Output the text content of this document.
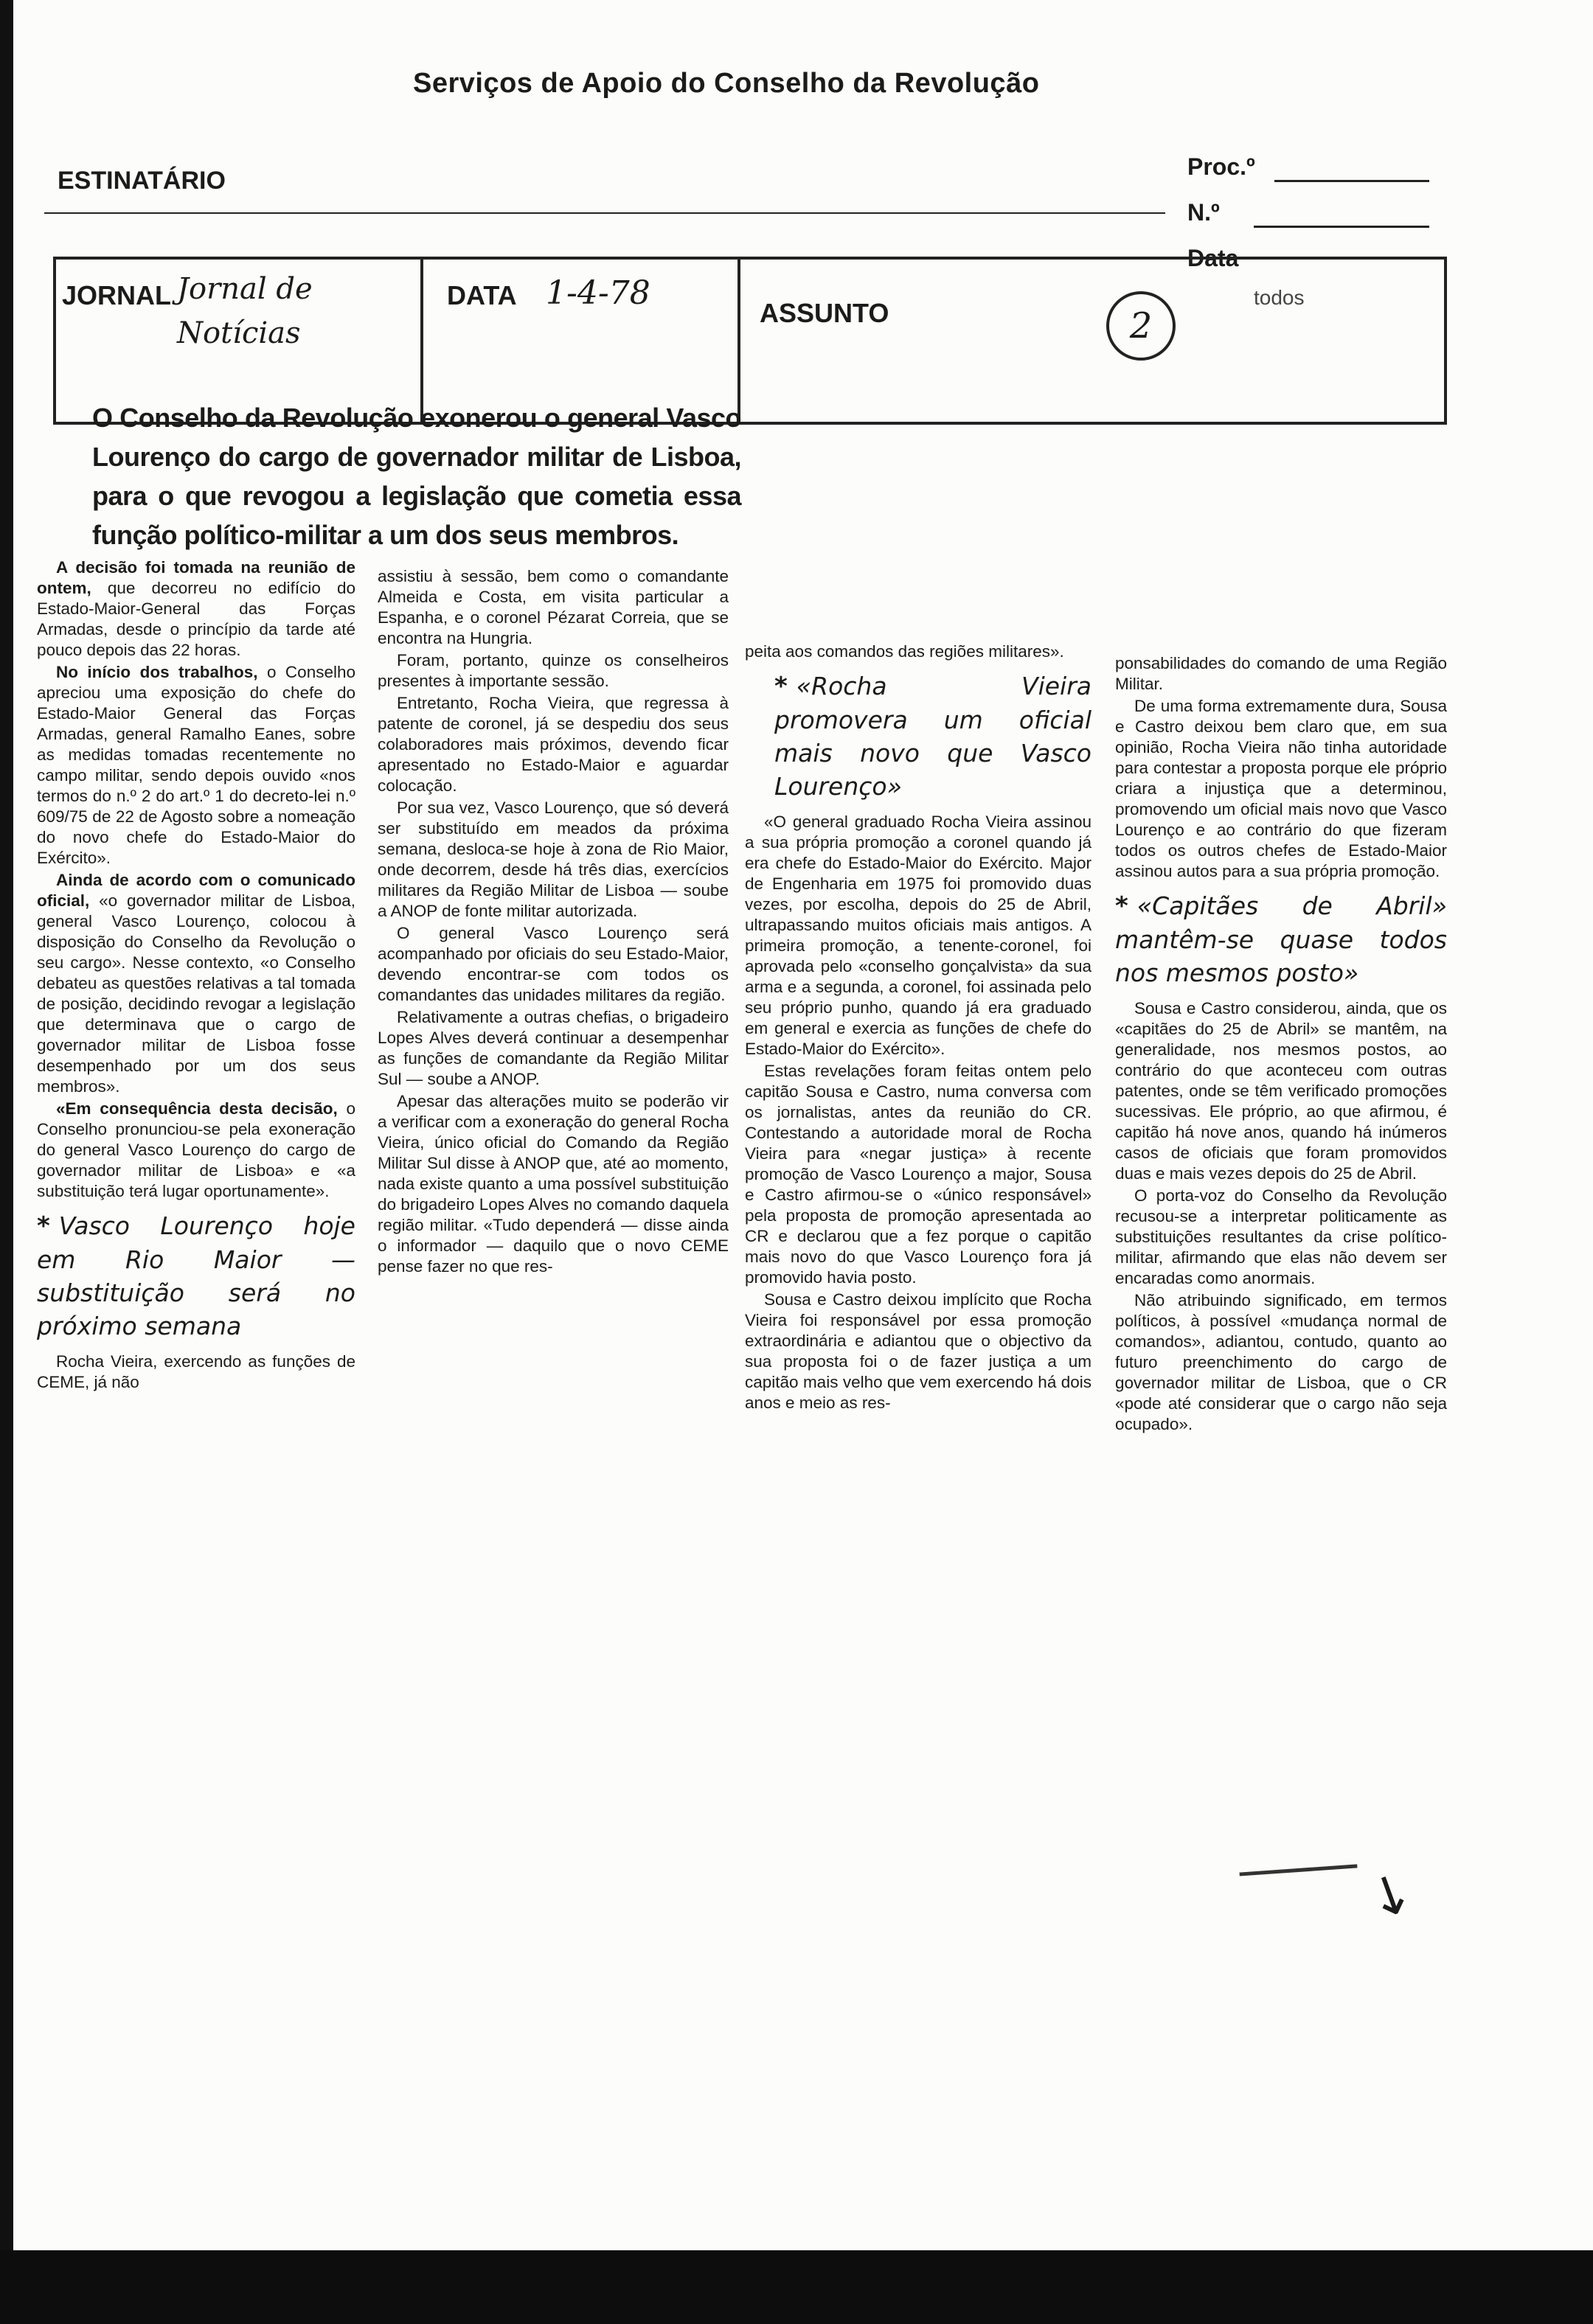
Serviços de Apoio do Conselho da Revolução
ESTINATÁRIO	Proc.º
N.º
Data
JORNAL Jornal de Notícias
DATA 1-4-78
ASSUNTO	2
todos
O Conselho da Revolução exonerou o general Vasco Lourenço do cargo de governador militar de Lisboa, para o que revogou a legislação que cometia essa função político-militar a um dos seus membros.

A decisão foi tomada na reunião de ontem, que decorreu no edifício do Estado-Maior-General das Forças Armadas, desde o princípio da tarde até pouco depois das 22 horas.

No início dos trabalhos, o Conselho apreciou uma exposição do chefe do Estado-Maior General das Forças Armadas, general Ramalho Eanes, sobre as medidas tomadas recentemente no campo militar, sendo depois ouvido «nos termos do n.º 2 do art.º 1 do decreto-lei n.º 609/75 de 22 de Agosto sobre a nomeação do novo chefe do Estado-Maior do Exército».

Ainda de acordo com o comunicado oficial, «o governador militar de Lisboa, general Vasco Lourenço, colocou à disposição do Conselho da Revolução o seu cargo». Nesse contexto, «o Conselho debateu as questões relativas a tal tomada de posição, decidindo revogar a legislação que determinava que o cargo de governador militar de Lisboa fosse desempenhado por um dos seus membros».

«Em consequência desta decisão, o Conselho pronunciou-se pela exoneração do general Vasco Lourenço do cargo de governador militar de Lisboa» e «a substituição terá lugar oportunamente».

* Vasco Lourenço hoje em Rio Maior — substituição será no próximo semana

Rocha Vieira, exercendo as funções de CEME, já não

assistiu à sessão, bem como o comandante Almeida e Costa, em visita particular a Espanha, e o coronel Pézarat Correia, que se encontra na Hungria.

Foram, portanto, quinze os conselheiros presentes à importante sessão.

Entretanto, Rocha Vieira, que regressa à patente de coronel, já se despediu dos seus colaboradores mais próximos, devendo ficar apresentado no Estado-Maior e aguardar colocação.

Por sua vez, Vasco Lourenço, que só deverá ser substituído em meados da próxima semana, desloca-se hoje à zona de Rio Maior, onde decorrem, desde há três dias, exercícios militares da Região Militar de Lisboa — soube a ANOP de fonte militar autorizada.

O general Vasco Lourenço será acompanhado por oficiais do seu Estado-Maior, devendo encontrar-se com todos os comandantes das unidades militares da região.

Relativamente a outras chefias, o brigadeiro Lopes Alves deverá continuar a desempenhar as funções de comandante da Região Militar Sul — soube a ANOP.

Apesar das alterações muito se poderão vir a verificar com a exoneração do general Rocha Vieira, único oficial do Comando da Região Militar Sul disse à ANOP que, até ao momento, nada existe quanto a uma possível substituição do brigadeiro Lopes Alves no comando daquela região militar. «Tudo dependerá — disse ainda o informador — daquilo que o novo CEME pense fazer no que res-

peita aos comandos das regiões militares».

* «Rocha Vieira promovera um oficial mais novo que Vasco Lourenço»

«O general graduado Rocha Vieira assinou a sua própria promoção a coronel quando já era chefe do Estado-Maior do Exército. Major de Engenharia em 1975 foi promovido duas vezes, por escolha, depois do 25 de Abril, ultrapassando muitos oficiais mais antigos. A primeira promoção, a tenente-coronel, foi aprovada pelo «conselho gonçalvista» da sua arma e a segunda, a coronel, foi assinada pelo seu próprio punho, quando já era graduado em general e exercia as funções de chefe do Estado-Maior do Exército».

Estas revelações foram feitas ontem pelo capitão Sousa e Castro, numa conversa com os jornalistas, antes da reunião do CR. Contestando a autoridade moral de Rocha Vieira para «negar justiça» à recente promoção de Vasco Lourenço a major, Sousa e Castro afirmou-se o «único responsável» pela proposta de promoção apresentada ao CR e declarou que a fez porque o capitão mais novo do que Vasco Lourenço fora já promovido havia posto.

Sousa e Castro deixou implícito que Rocha Vieira foi responsável por essa promoção extraordinária e adiantou que o objectivo da sua proposta foi o de fazer justiça a um capitão mais velho que vem exercendo há dois anos e meio as res-

ponsabilidades do comando de uma Região Militar.

De uma forma extremamente dura, Sousa e Castro deixou bem claro que, em sua opinião, Rocha Vieira não tinha autoridade para contestar a proposta porque ele próprio criara a injustiça que a determinou, promovendo um oficial mais novo que Vasco Lourenço e ao contrário do que fizeram todos os outros chefes de Estado-Maior assinou autos para a sua própria promoção.

* «Capitães de Abril» mantêm-se quase todos nos mesmos posto»

Sousa e Castro considerou, ainda, que os «capitães do 25 de Abril» se mantêm, na generalidade, nos mesmos postos, ao contrário do que aconteceu com outras patentes, onde se têm verificado promoções sucessivas. Ele próprio, ao que afirmou, é capitão há nove anos, quando há inúmeros casos de oficiais que foram promovidos duas e mais vezes depois do 25 de Abril.

O porta-voz do Conselho da Revolução recusou-se a interpretar politicamente as substituições resultantes da crise político-militar, afirmando que elas não devem ser encaradas como anormais.

Não atribuindo significado, em termos políticos, à possível «mudança normal de comandos», adiantou, contudo, quanto ao futuro preenchimento do cargo de governador militar de Lisboa, que o CR «pode até considerar que o cargo não seja ocupado».

↓
